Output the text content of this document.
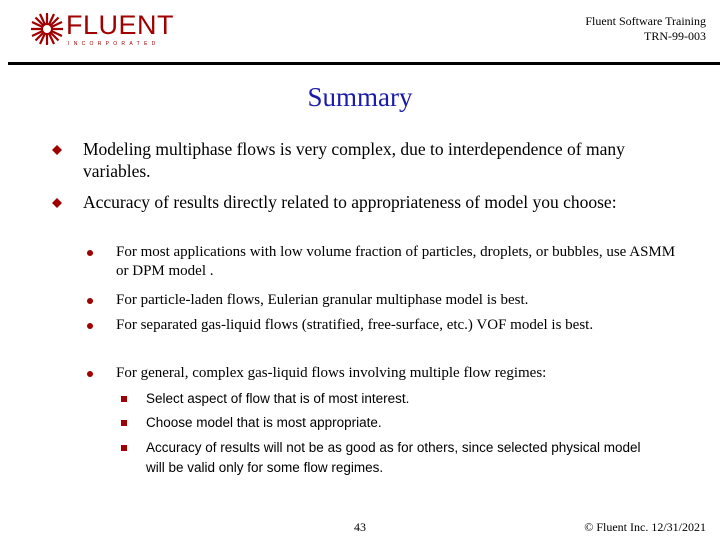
FLUENT
INCORPORATED
Fluent Software Training
TRN-99-003
Summary
Modeling multiphase flows is very complex, due to interdependence of many variables.
Accuracy of results directly related to appropriateness of model you choose:
For most applications with low volume fraction of particles, droplets, or bubbles, use ASMM or DPM model .
For particle-laden flows, Eulerian granular multiphase model is best.
For separated gas-liquid flows (stratified, free-surface, etc.) VOF model is best.
For general, complex gas-liquid flows involving multiple flow regimes:
Select aspect of flow that is of most interest.
Choose model that is most appropriate.
Accuracy of results will not be as good as for others, since selected physical model will be valid only for some flow regimes.
43	© Fluent Inc. 12/31/2021
